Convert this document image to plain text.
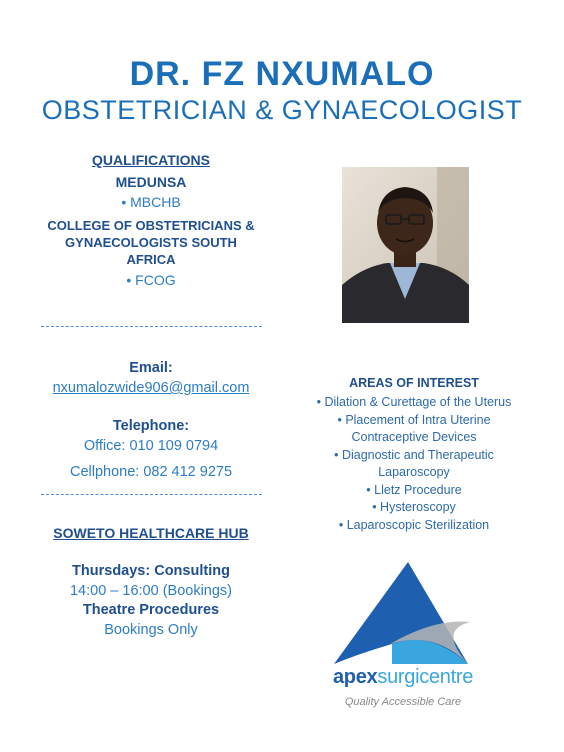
DR. FZ NXUMALO
OBSTETRICIAN & GYNAECOLOGIST
QUALIFICATIONS
MEDUNSA
• MBCHB
COLLEGE OF OBSTETRICIANS &
GYNAECOLOGISTS SOUTH
AFRICA
• FCOG
Email:
nxumalozwide906@gmail.com
Telephone:
Office: 010 109 0794
Cellphone: 082 412 9275
SOWETO HEALTHCARE HUB
Thursdays: Consulting
14:00 – 16:00 (Bookings)
Theatre Procedures
Bookings Only
AREAS OF INTEREST
• Dilation & Curettage of the Uterus
• Placement of Intra Uterine
Contraceptive Devices
• Diagnostic and Therapeutic
Laparoscopy
• Lletz Procedure
• Hysteroscopy
• Laparoscopic Sterilization
apexsurgicentre
Quality Accessible Care
